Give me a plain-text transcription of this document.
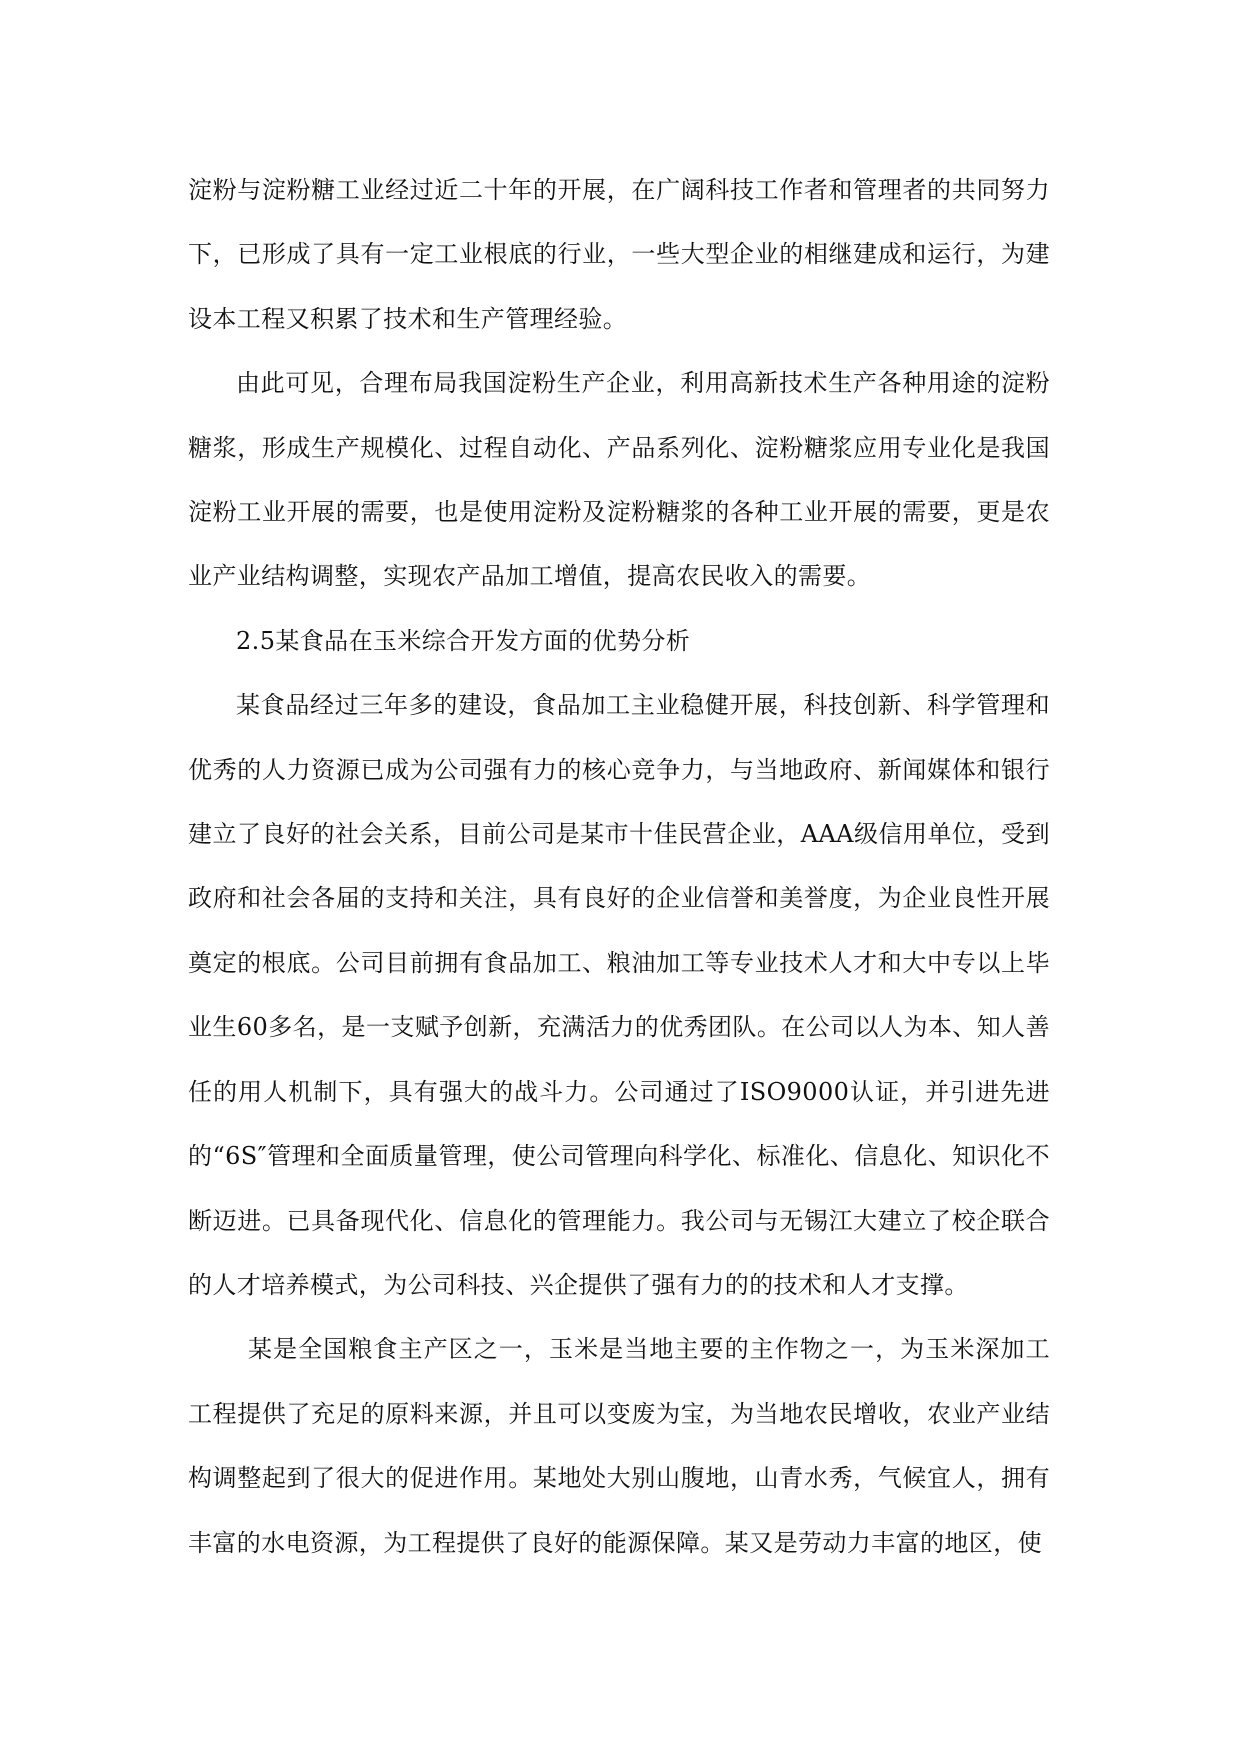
淀粉与淀粉糖工业经过近二十年的开展，在广阔科技工作者和管理者的共同努力下，已形成了具有一定工业根底的行业，一些大型企业的相继建成和运行，为建设本工程又积累了技术和生产管理经验。

由此可见，合理布局我国淀粉生产企业，利用高新技术生产各种用途的淀粉糖浆，形成生产规模化、过程自动化、产品系列化、淀粉糖浆应用专业化是我国淀粉工业开展的需要，也是使用淀粉及淀粉糖浆的各种工业开展的需要，更是农业产业结构调整，实现农产品加工增值，提高农民收入的需要。

2.5某食品在玉米综合开发方面的优势分析

某食品经过三年多的建设，食品加工主业稳健开展，科技创新、科学管理和优秀的人力资源已成为公司强有力的核心竞争力，与当地政府、新闻媒体和银行建立了良好的社会关系，目前公司是某市十佳民营企业，AAA级信用单位，受到政府和社会各届的支持和关注，具有良好的企业信誉和美誉度，为企业良性开展奠定的根底。公司目前拥有食品加工、粮油加工等专业技术人才和大中专以上毕业生60多名，是一支赋予创新，充满活力的优秀团队。在公司以人为本、知人善任的用人机制下，具有强大的战斗力。公司通过了ISO9000认证，并引进先进的“6S″管理和全面质量管理，使公司管理向科学化、标准化、信息化、知识化不断迈进。已具备现代化、信息化的管理能力。我公司与无锡江大建立了校企联合的人才培养模式，为公司科技、兴企提供了强有力的的技术和人才支撑。

某是全国粮食主产区之一，玉米是当地主要的主作物之一，为玉米深加工工程提供了充足的原料来源，并且可以变废为宝，为当地农民增收，农业产业结构调整起到了很大的促进作用。某地处大别山腹地，山青水秀，气候宜人，拥有丰富的水电资源，为工程提供了良好的能源保障。某又是劳动力丰富的地区，使
